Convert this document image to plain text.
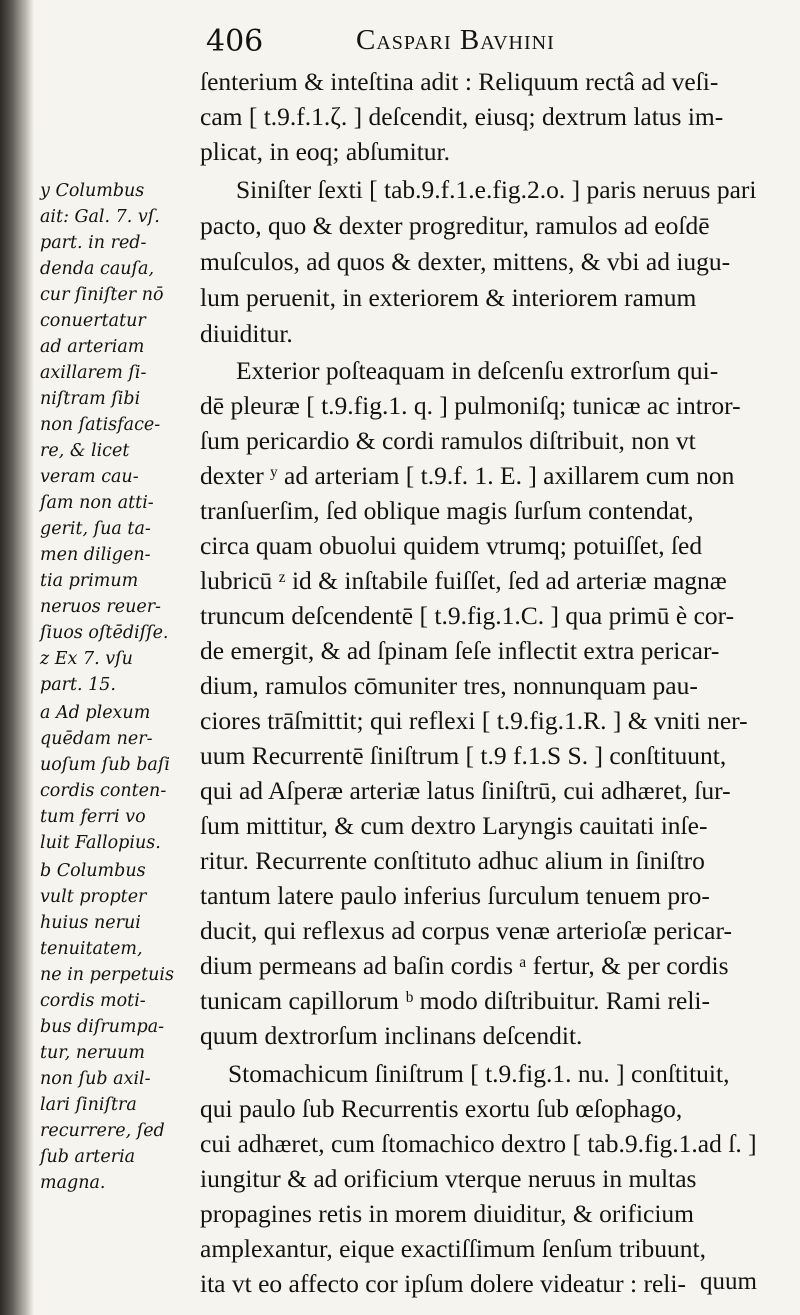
406	Caspari Bavhini
ſenterium & inteſtina adit : Reliquum rectâ ad veſi-
cam [ t.9.f.1.ζ. ] deſcendit, eiusq; dextrum latus im-
plicat, in eoq; abſumitur.
Siniſter ſexti [ tab.9.f.1.e.fig.2.o. ] paris neruus pari
pacto, quo & dexter progreditur, ramulos ad eoſdē
muſculos, ad quos & dexter, mittens, & vbi ad iugu-
lum peruenit, in exteriorem & interiorem ramum
diuiditur.
Exterior poſteaquam in deſcenſu extrorſum qui-
dē pleuræ [ t.9.fig.1. q. ] pulmoniſq; tunicæ ac intror-
ſum pericardio & cordi ramulos diſtribuit, non vt
dexter ʸ ad arteriam [ t.9.f. 1. E. ] axillarem cum non
tranſuerſim, ſed oblique magis ſurſum contendat,
circa quam obuolui quidem vtrumq; potuiſſet, ſed
lubricū ᶻ id & inſtabile fuiſſet, ſed ad arteriæ magnæ
truncum deſcendentē [ t.9.fig.1.C. ] qua primū è cor-
de emergit, & ad ſpinam ſeſe inflectit extra pericar-
dium, ramulos cōmuniter tres, nonnunquam pau-
ciores trāſmittit; qui reflexi [ t.9.fig.1.R. ] & vniti ner-
uum Recurrentē ſiniſtrum [ t.9 f.1.S S. ] conſtituunt,
qui ad Aſperæ arteriæ latus ſiniſtrū, cui adhæret, ſur-
ſum mittitur, & cum dextro Laryngis cauitati inſe-
ritur. Recurrente conſtituto adhuc alium in ſiniſtro
tantum latere paulo inferius ſurculum tenuem pro-
ducit, qui reflexus ad corpus venæ arterioſæ pericar-
dium permeans ad baſin cordis ᵃ fertur, & per cordis
tunicam capillorum ᵇ modo diſtribuitur. Rami reli-
quum dextrorſum inclinans deſcendit.
Stomachicum ſiniſtrum [ t.9.fig.1. nu. ] conſtituit,
qui paulo ſub Recurrentis exortu ſub œſophago,
cui adhæret, cum ſtomachico dextro [ tab.9.fig.1.ad ſ. ]
iungitur & ad orificium vterque neruus in multas
propagines retis in morem diuiditur, & orificium
amplexantur, eique exactiſſimum ſenſum tribuunt,
ita vt eo affecto cor ipſum dolere videatur : reli-
y Columbus
ait: Gal. 7. vſ.
part. in red-
denda cauſa,
cur ſiniſter nō
conuertatur
ad arteriam
axillarem ſi-
niſtram ſibi
non ſatisface-
re, & licet
veram cau-
ſam non atti-
gerit, ſua ta-
men diligen-
tia primum
neruos reuer-
ſiuos oſtēdiſſe.
z Ex 7. vſu
part. 15.
a Ad plexum
quēdam ner-
uoſum ſub baſi
cordis conten-
tum ferri vo
luit Fallopius.
b Columbus
vult propter
huius nerui
tenuitatem,
ne in perpetuis
cordis moti-
bus diſrumpa-
tur, neruum
non ſub axil-
lari ſiniſtra
recurrere, ſed
ſub arteria
magna.
quum
